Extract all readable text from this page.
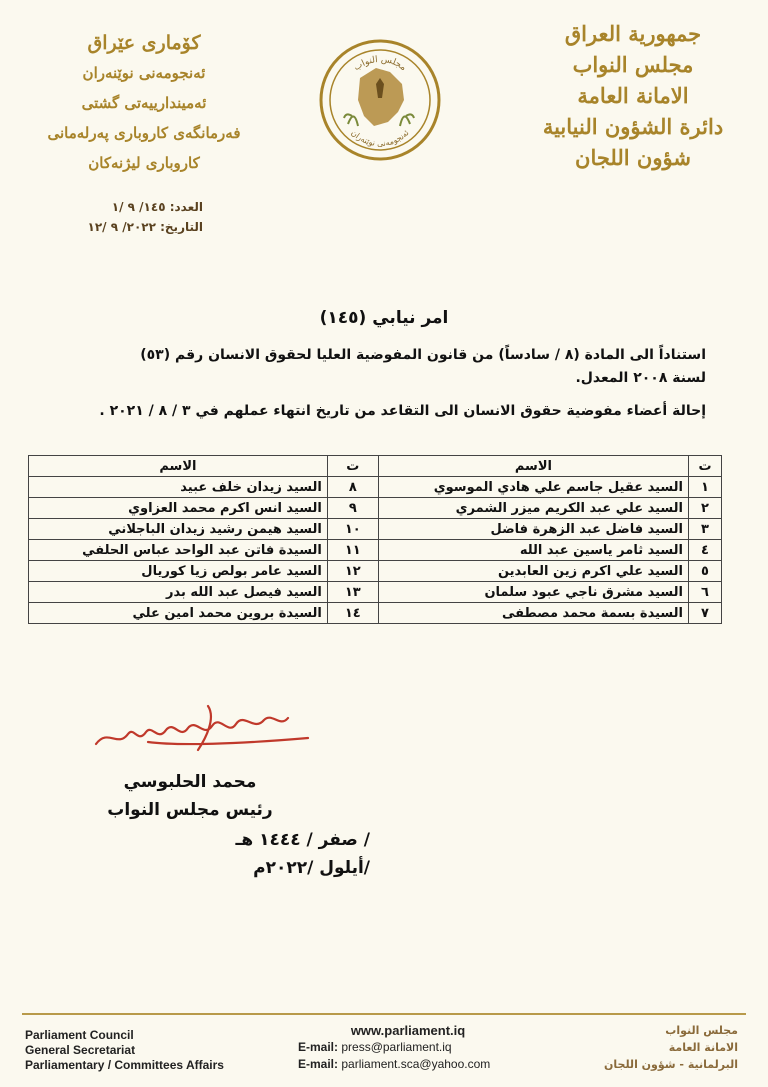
جمهورية العراق
مجلس النواب
الامانة العامة
دائرة الشؤون النيابية
شؤون اللجان
كۆماری عێراق
ئەنجومەنی نوێنەران
ئەمیندارییەتی گشتی
فەرمانگەی کاروباری پەرلەمانی
کاروباری لیژنەکان
مجلس النواب
ئەنجومەنی نوێنەران
العدد: ١٤٥/ ٩ /١
التاريخ: ٢٠٢٢/ ٩ /١٢
امر نيابي (١٤٥)
استناداً الى المادة (٨ / سادساً) من قانون المفوضية العليا لحقوق الانسان رقم (٥٣)
لسنة ٢٠٠٨ المعدل.
إحالة أعضاء مفوضية حقوق الانسان الى التقاعد من تاريخ انتهاء عملهم في ٣ / ٨ / ٢٠٢١ .
ت	الاسم	ت	الاسم
١	السيد عقيل جاسم علي هادي الموسوي	٨	السيد زيدان خلف عبيد
٢	السيد علي عبد الكريم ميزر الشمري	٩	السيد انس اكرم محمد العزاوي
٣	السيد فاضل عبد الزهرة فاضل	١٠	السيد هيمن رشيد زيدان الباجلاني
٤	السيد ثامر ياسين عبد الله	١١	السيدة فاتن عبد الواحد عباس الحلفي
٥	السيد علي اكرم زين العابدين	١٢	السيد عامر بولص زيا كوريال
٦	السيد مشرق ناجي عبود سلمان	١٣	السيد فيصل عبد الله بدر
٧	السيدة بسمة محمد مصطفى	١٤	السيدة بروين محمد امين علي
محمد الحلبوسي
رئيس مجلس النواب
/ صفر / ١٤٤٤ هـ
/أيلول /٢٠٢٢م
Parliament Council
General Secretariat
Parliamentary / Committees Affairs
www.parliament.iq
E-mail: press@parliament.iq
E-mail: parliament.sca@yahoo.com
مجلس النواب
الامانة العامة
البرلمانية - شؤون اللجان
